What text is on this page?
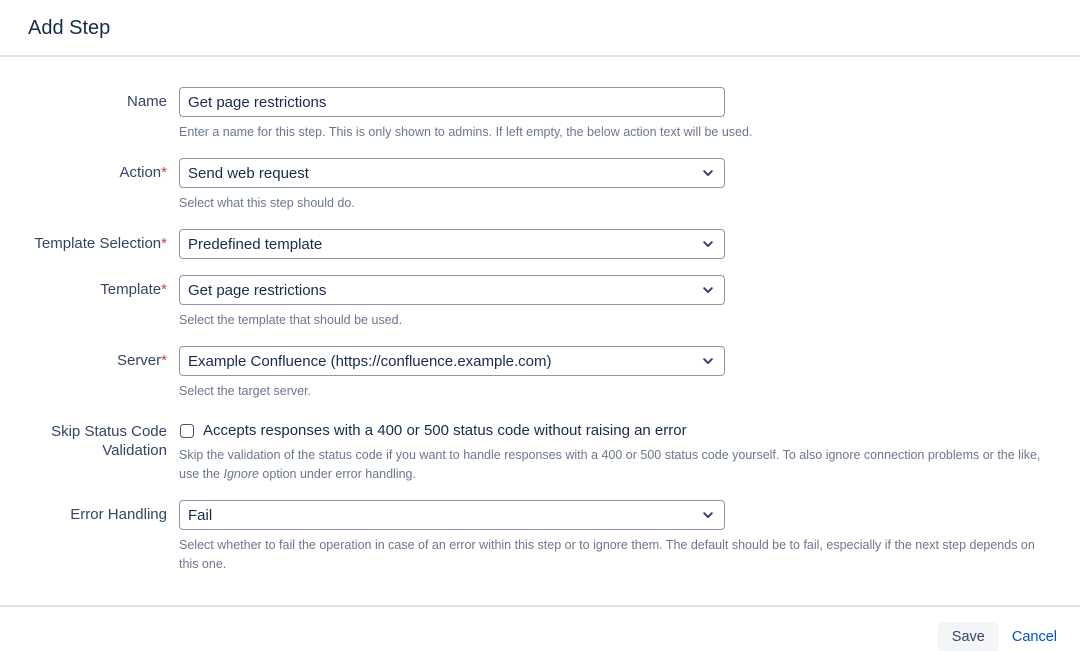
Add Step
Name
Get page restrictions
Enter a name for this step. This is only shown to admins. If left empty, the below action text will be used.
Action*
Send web request
Select what this step should do.
Template Selection*
Predefined template
Template*
Get page restrictions
Select the template that should be used.
Server*
Example Confluence (https://confluence.example.com)
Select the target server.
Skip Status Code Validation
Accepts responses with a 400 or 500 status code without raising an error
Skip the validation of the status code if you want to handle responses with a 400 or 500 status code yourself. To also ignore connection problems or the like, use the Ignore option under error handling.
Error Handling
Fail
Select whether to fail the operation in case of an error within this step or to ignore them. The default should be to fail, especially if the next step depends on this one.
Save	Cancel
